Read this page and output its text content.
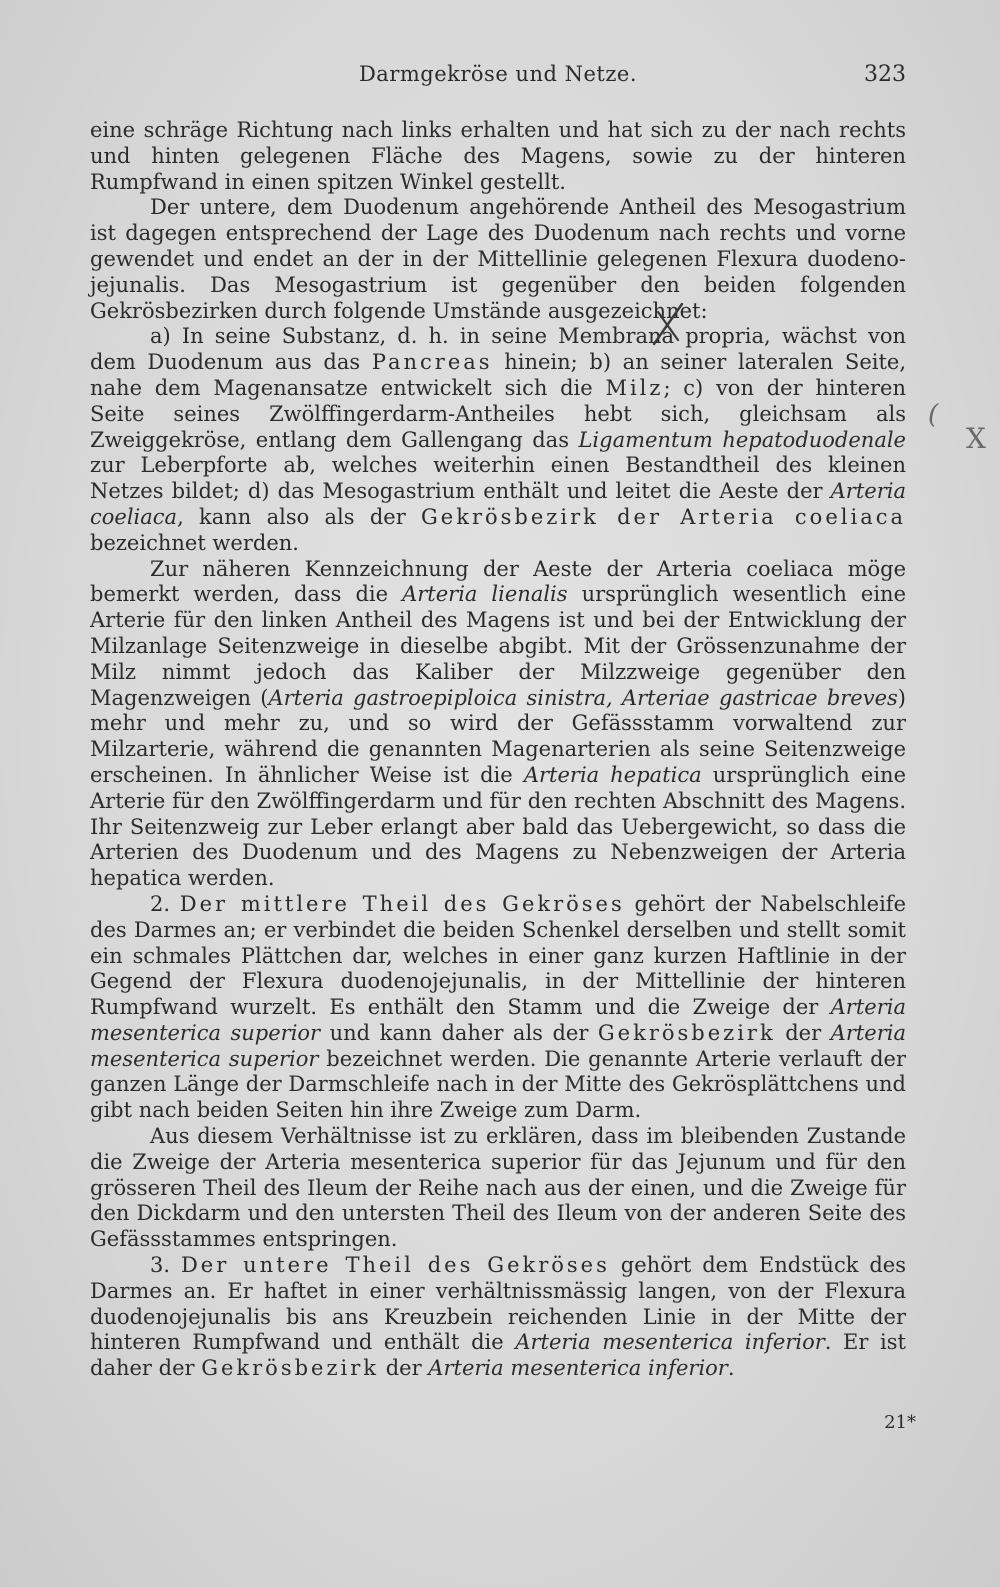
Darmgekröse und Netze.	323

eine schräge Richtung nach links erhalten und hat sich zu der nach rechts und hinten gelegenen Fläche des Magens, sowie zu der hinteren Rumpfwand in einen spitzen Winkel gestellt.

Der untere, dem Duodenum angehörende Antheil des Mesogastrium ist dagegen entsprechend der Lage des Duodenum nach rechts und vorne gewendet und endet an der in der Mittellinie gelegenen Flexura duodeno-jejunalis. Das Mesogastrium ist gegenüber den beiden folgenden Gekrösbezirken durch folgende Umstände ausgezeichnet:

a) In seine Substanz, d. h. in seine Membrana propria, wächst von dem Duodenum aus das Pancreas hinein; b) an seiner lateralen Seite, nahe dem Magenansatze entwickelt sich die Milz; c) von der hinteren Seite seines Zwölffingerdarm-Antheiles hebt sich, gleichsam als Zweiggekröse, entlang dem Gallengang das Ligamentum hepatoduodenale zur Leberpforte ab, welches weiterhin einen Bestandtheil des kleinen Netzes bildet; d) das Mesogastrium enthält und leitet die Aeste der Arteria coeliaca, kann also als der Gekrösbezirk der Arteria coeliaca bezeichnet werden.

Zur näheren Kennzeichnung der Aeste der Arteria coeliaca möge bemerkt werden, dass die Arteria lienalis ursprünglich wesentlich eine Arterie für den linken Antheil des Magens ist und bei der Entwicklung der Milzanlage Seitenzweige in dieselbe abgibt. Mit der Grössenzunahme der Milz nimmt jedoch das Kaliber der Milzzweige gegenüber den Magenzweigen (Arteria gastroepiploica sinistra, Arteriae gastricae breves) mehr und mehr zu, und so wird der Gefässstamm vorwaltend zur Milzarterie, während die genannten Magenarterien als seine Seitenzweige erscheinen. In ähnlicher Weise ist die Arteria hepatica ursprünglich eine Arterie für den Zwölffingerdarm und für den rechten Abschnitt des Magens. Ihr Seitenzweig zur Leber erlangt aber bald das Uebergewicht, so dass die Arterien des Duodenum und des Magens zu Nebenzweigen der Arteria hepatica werden.

2. Der mittlere Theil des Gekröses gehört der Nabelschleife des Darmes an; er verbindet die beiden Schenkel derselben und stellt somit ein schmales Plättchen dar, welches in einer ganz kurzen Haftlinie in der Gegend der Flexura duodenojejunalis, in der Mittellinie der hinteren Rumpfwand wurzelt. Es enthält den Stamm und die Zweige der Arteria mesenterica superior und kann daher als der Gekrösbezirk der Arteria mesenterica superior bezeichnet werden. Die genannte Arterie verlauft der ganzen Länge der Darmschleife nach in der Mitte des Gekrösplättchens und gibt nach beiden Seiten hin ihre Zweige zum Darm.

Aus diesem Verhältnisse ist zu erklären, dass im bleibenden Zustande die Zweige der Arteria mesenterica superior für das Jejunum und für den grösseren Theil des Ileum der Reihe nach aus der einen, und die Zweige für den Dickdarm und den untersten Theil des Ileum von der anderen Seite des Gefässstammes entspringen.

3. Der untere Theil des Gekröses gehört dem Endstück des Darmes an. Er haftet in einer verhältnissmässig langen, von der Flexura duodenojejunalis bis ans Kreuzbein reichenden Linie in der Mitte der hinteren Rumpfwand und enthält die Arteria mesenterica inferior. Er ist daher der Gekrösbezirk der Arteria mesenterica inferior.

(
X
21*
